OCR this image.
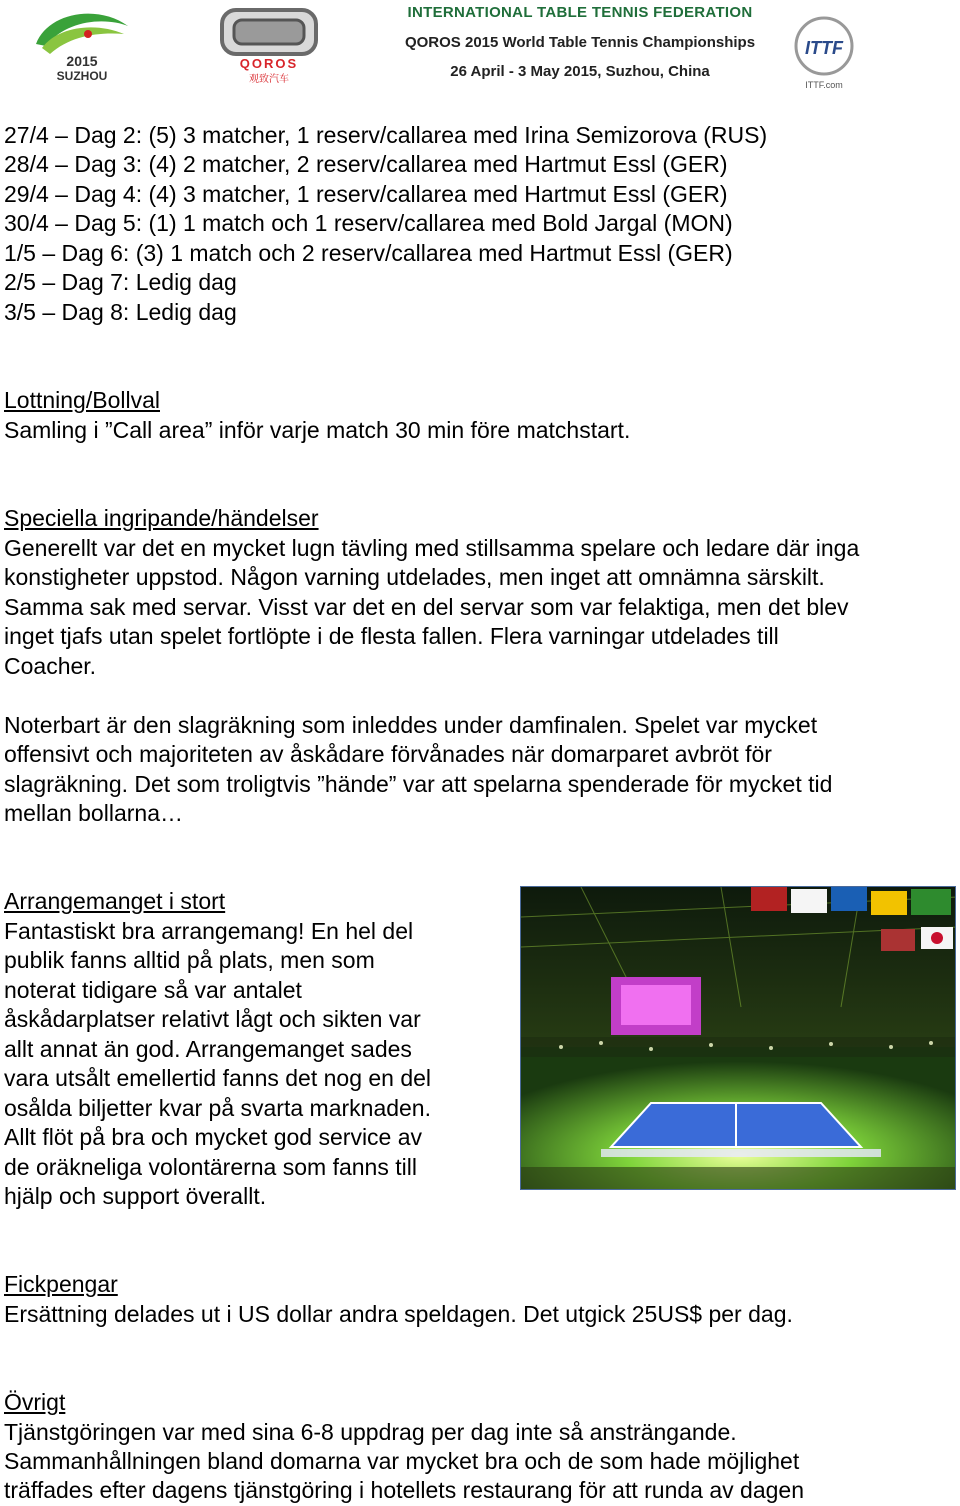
2015
SUZHOU
QOROS
观致汽车
INTERNATIONAL TABLE TENNIS FEDERATION
QOROS 2015 World Table Tennis Championships
26 April - 3 May 2015, Suzhou, China
ITTF
ITTF.com

27/4 – Dag 2: (5) 3 matcher, 1 reserv/callarea med Irina Semizorova (RUS)

28/4 – Dag 3: (4) 2 matcher, 2 reserv/callarea med Hartmut Essl (GER)

29/4 – Dag 4: (4) 3 matcher, 1 reserv/callarea med Hartmut Essl (GER)

30/4 – Dag 5: (1) 1 match och 1 reserv/callarea med Bold Jargal (MON)

1/5 – Dag 6: (3) 1 match och 2 reserv/callarea med Hartmut Essl (GER)

2/5 – Dag 7: Ledig dag

3/5 – Dag 8: Ledig dag

Lottning/Bollval

Samling i ”Call area” inför varje match 30 min före matchstart.

Speciella ingripande/händelser

Generellt var det en mycket lugn tävling med stillsamma spelare och ledare där inga

konstigheter uppstod. Någon varning utdelades, men inget att omnämna särskilt.

Samma sak med servar. Visst var det en del servar som var felaktiga, men det blev

inget tjafs utan spelet fortlöpte i de flesta fallen. Flera varningar utdelades till

Coacher.

Noterbart är den slagräkning som inleddes under damfinalen. Spelet var mycket

offensivt och majoriteten av åskådare förvånades när domarparet avbröt för

slagräkning. Det som troligtvis ”hände” var att spelarna spenderade för mycket tid

mellan bollarna…

Arrangemanget i stort

Fantastiskt bra arrangemang! En hel del

publik fanns alltid på plats, men som

noterat tidigare så var antalet

åskådarplatser relativt lågt och sikten var

allt annat än god. Arrangemanget sades

vara utsålt emellertid fanns det nog en del

osålda biljetter kvar på svarta marknaden.

Allt flöt på bra och mycket god service av

de oräkneliga volontärerna som fanns till

hjälp och support överallt.

Fickpengar

Ersättning delades ut i US dollar andra speldagen. Det utgick 25US$ per dag.

Övrigt

Tjänstgöringen var med sina 6-8 uppdrag per dag inte så ansträngande.

Sammanhållningen bland domarna var mycket bra och de som hade möjlighet

träffades efter dagens tjänstgöring i hotellets restaurang för att runda av dagen
